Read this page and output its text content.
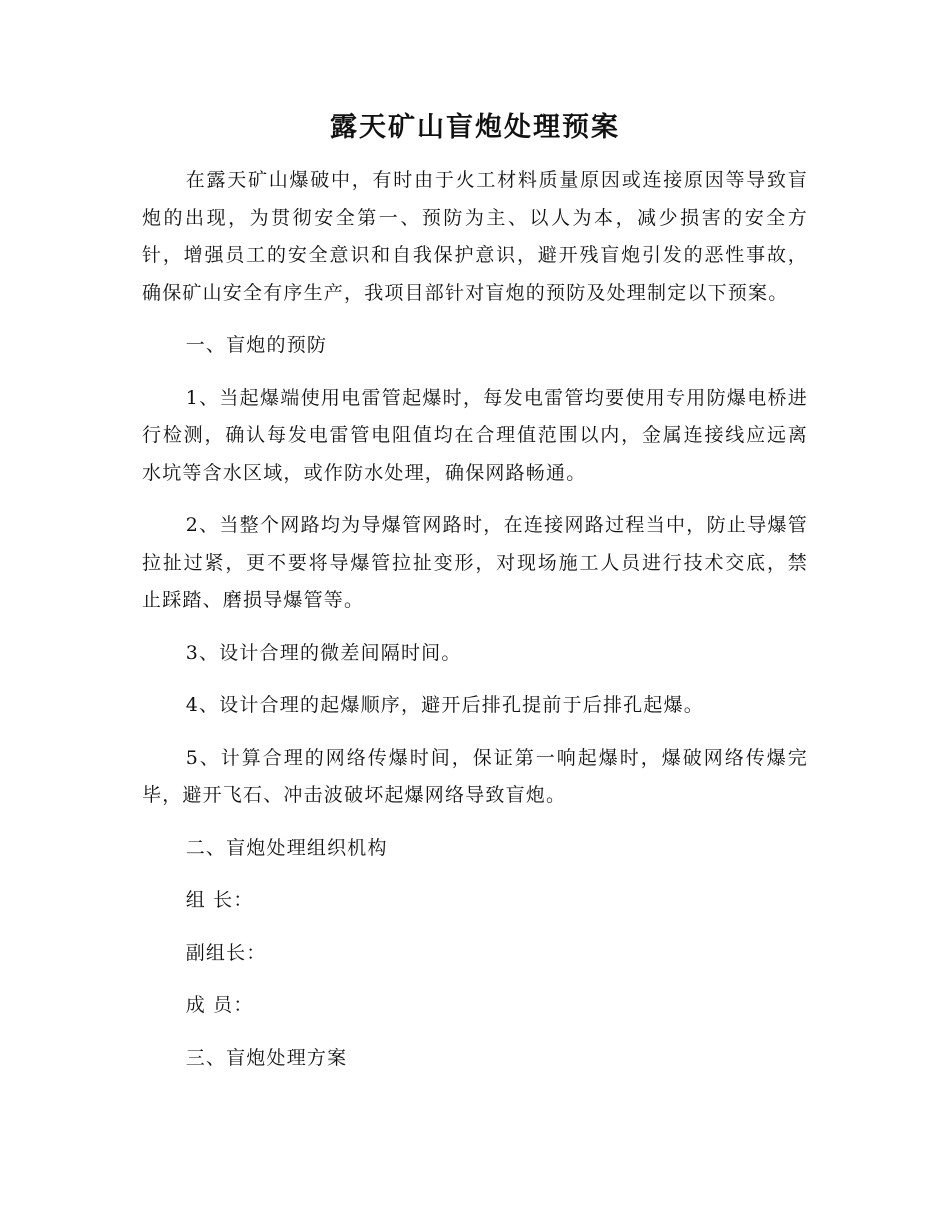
露天矿山盲炮处理预案

在露天矿山爆破中，有时由于火工材料质量原因或连接原因等导致盲炮的出现，为贯彻安全第一、预防为主、以人为本，减少损害的安全方针，增强员工的安全意识和自我保护意识，避开残盲炮引发的恶性事故，确保矿山安全有序生产，我项目部针对盲炮的预防及处理制定以下预案。

一、盲炮的预防

1、当起爆端使用电雷管起爆时，每发电雷管均要使用专用防爆电桥进行检测，确认每发电雷管电阻值均在合理值范围以内，金属连接线应远离水坑等含水区域，或作防水处理，确保网路畅通。

2、当整个网路均为导爆管网路时，在连接网路过程当中，防止导爆管拉扯过紧，更不要将导爆管拉扯变形，对现场施工人员进行技术交底，禁止踩踏、磨损导爆管等。

3、设计合理的微差间隔时间。

4、设计合理的起爆顺序，避开后排孔提前于后排孔起爆。

5、计算合理的网络传爆时间，保证第一响起爆时，爆破网络传爆完毕，避开飞石、冲击波破坏起爆网络导致盲炮。

二、盲炮处理组织机构

组 长：

副组长：

成 员：

三、盲炮处理方案
